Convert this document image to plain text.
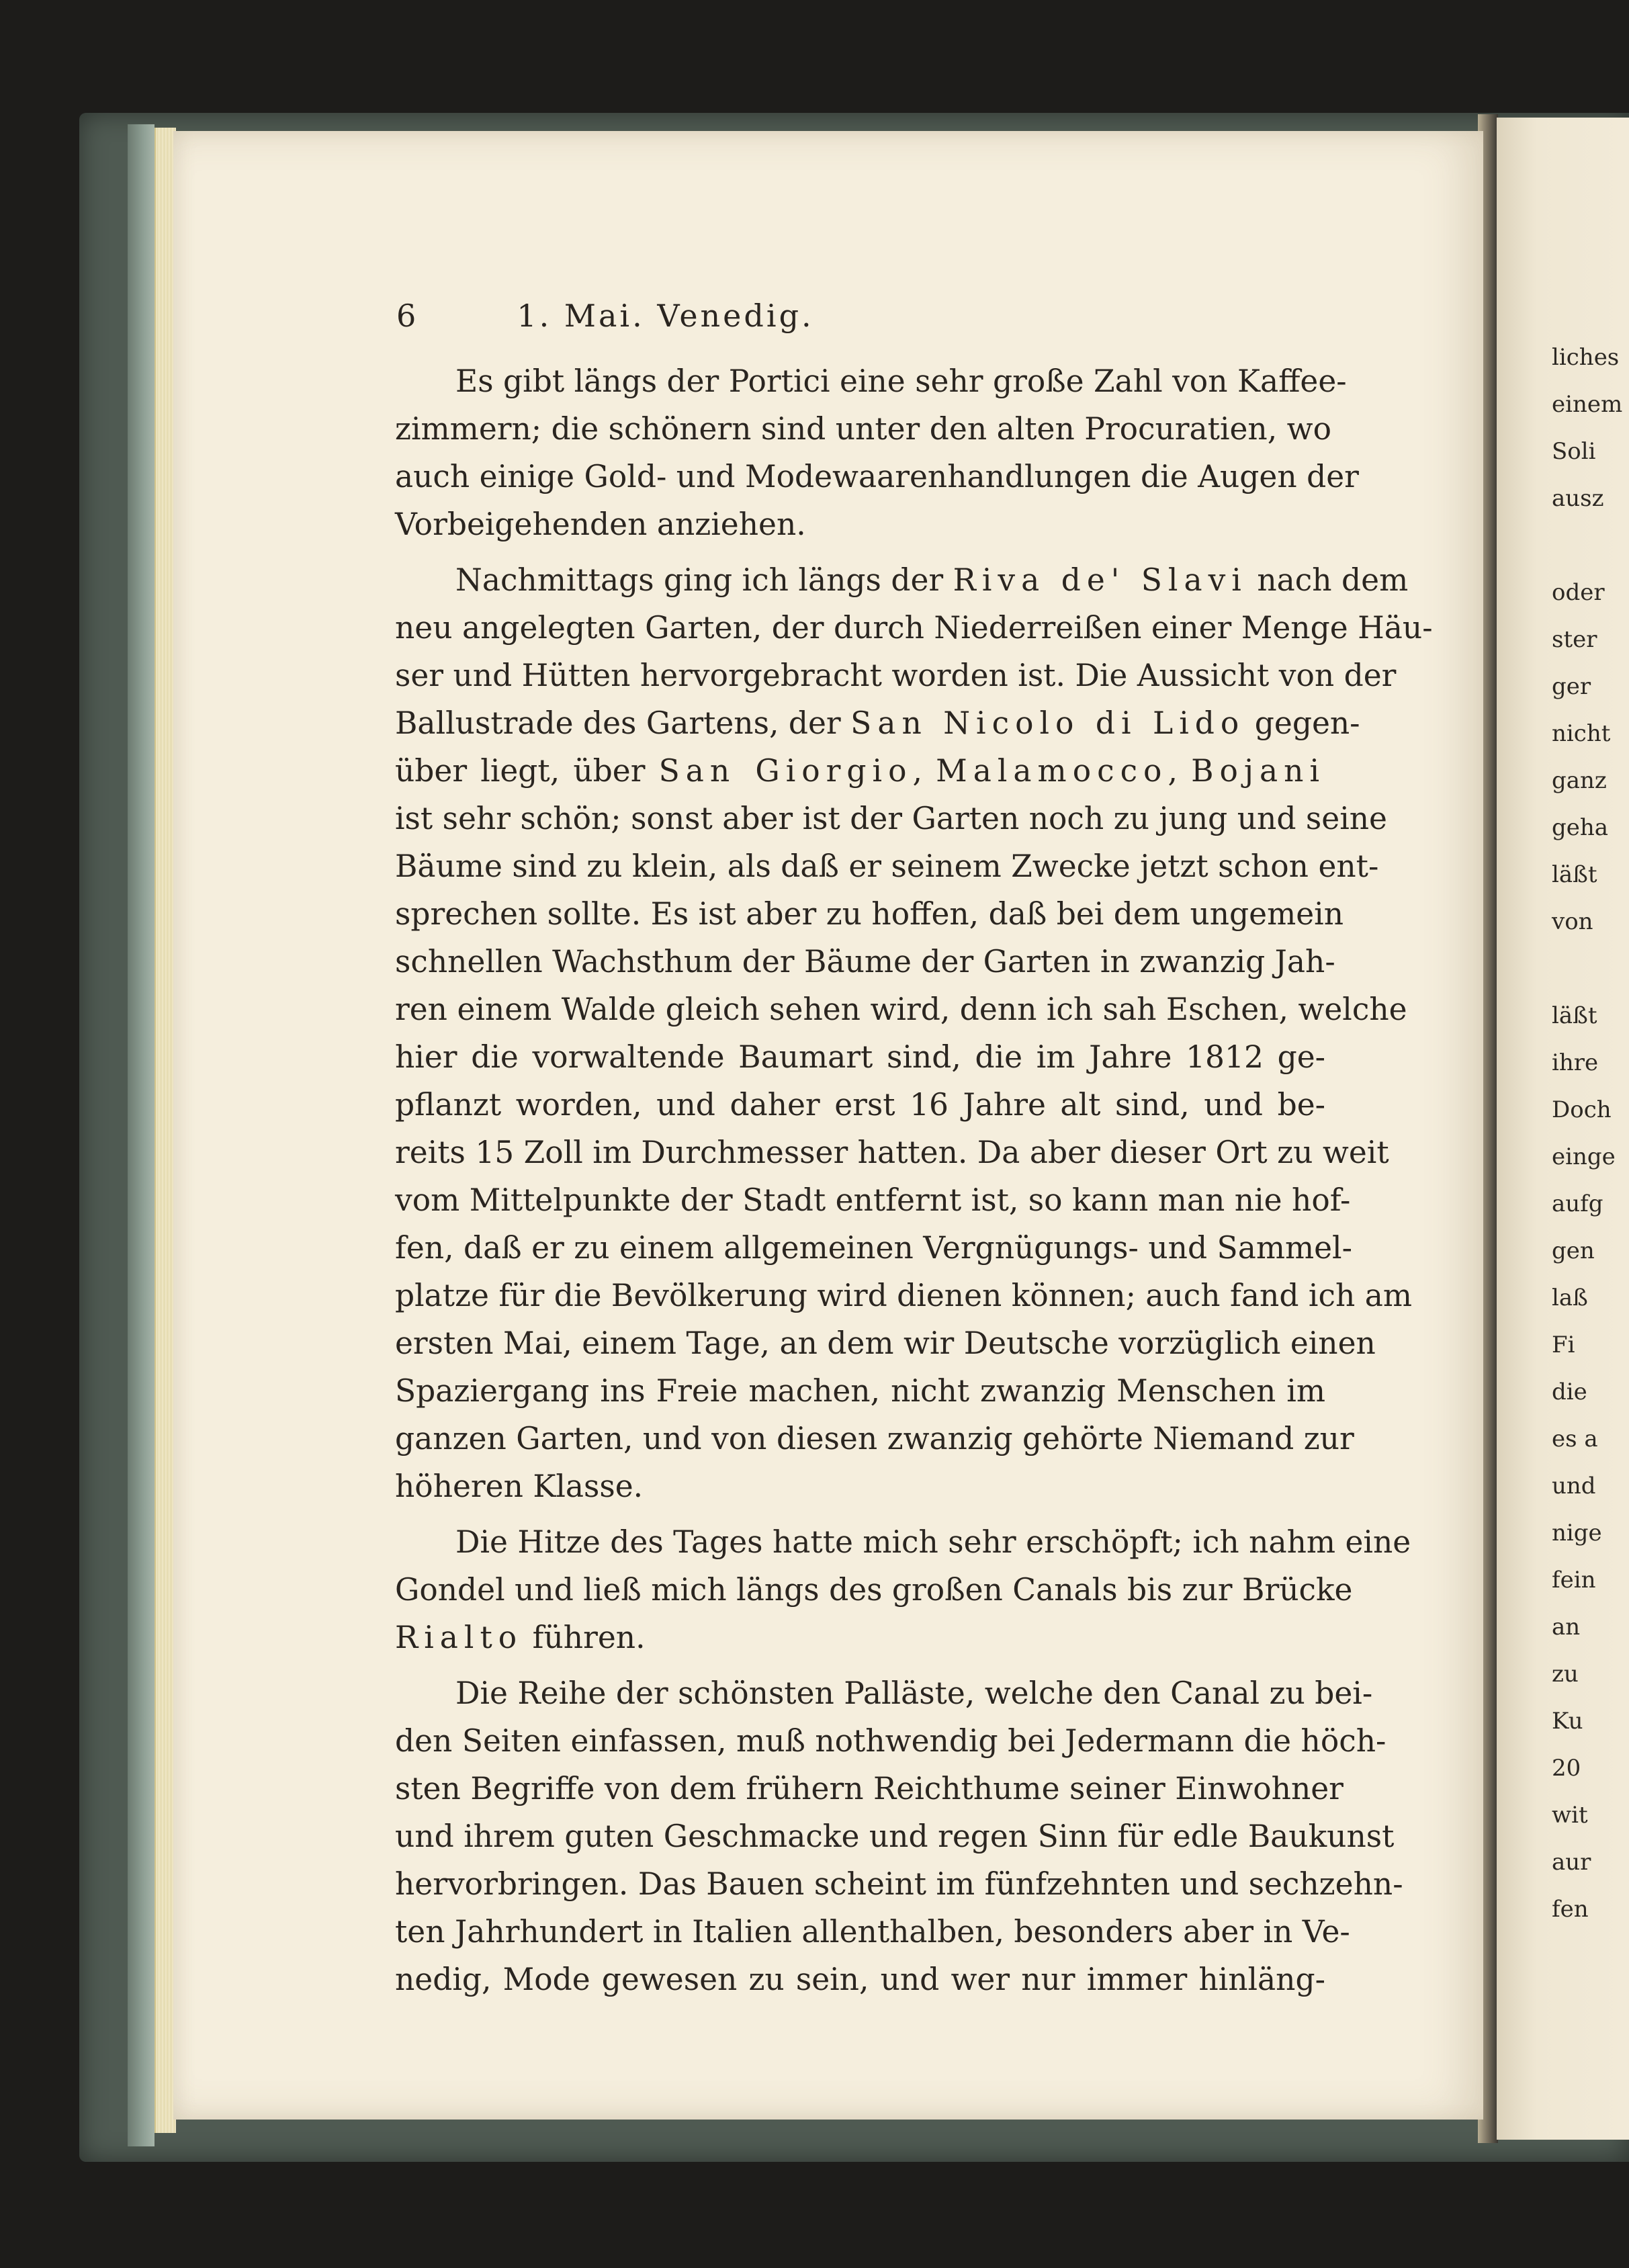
6	1. Mai. Venedig.
Es gibt längs der Portici eine sehr große Zahl von Kaffee-
zimmern; die schönern sind unter den alten Procuratien, wo
auch einige Gold- und Modewaarenhandlungen die Augen der
Vorbeigehenden anziehen.
Nachmittags ging ich längs der Riva de' Slavi nach dem
neu angelegten Garten, der durch Niederreißen einer Menge Häu-
ser und Hütten hervorgebracht worden ist. Die Aussicht von der
Ballustrade des Gartens, der San Nicolo di Lido gegen-
über liegt, über San Giorgio, Malamocco, Bojani
ist sehr schön; sonst aber ist der Garten noch zu jung und seine
Bäume sind zu klein, als daß er seinem Zwecke jetzt schon ent-
sprechen sollte. Es ist aber zu hoffen, daß bei dem ungemein
schnellen Wachsthum der Bäume der Garten in zwanzig Jah-
ren einem Walde gleich sehen wird, denn ich sah Eschen, welche
hier die vorwaltende Baumart sind, die im Jahre 1812 ge-
pflanzt worden, und daher erst 16 Jahre alt sind, und be-
reits 15 Zoll im Durchmesser hatten. Da aber dieser Ort zu weit
vom Mittelpunkte der Stadt entfernt ist, so kann man nie hof-
fen, daß er zu einem allgemeinen Vergnügungs- und Sammel-
platze für die Bevölkerung wird dienen können; auch fand ich am
ersten Mai, einem Tage, an dem wir Deutsche vorzüglich einen
Spaziergang ins Freie machen, nicht zwanzig Menschen im
ganzen Garten, und von diesen zwanzig gehörte Niemand zur
höheren Klasse.
Die Hitze des Tages hatte mich sehr erschöpft; ich nahm eine
Gondel und ließ mich längs des großen Canals bis zur Brücke
Rialto führen.
Die Reihe der schönsten Palläste, welche den Canal zu bei-
den Seiten einfassen, muß nothwendig bei Jedermann die höch-
sten Begriffe von dem frühern Reichthume seiner Einwohner
und ihrem guten Geschmacke und regen Sinn für edle Baukunst
hervorbringen. Das Bauen scheint im fünfzehnten und sechzehn-
ten Jahrhundert in Italien allenthalben, besonders aber in Ve-
nedig, Mode gewesen zu sein, und wer nur immer hinläng-
liches
einem
Soli
ausz
oder
ster
ger
nicht
ganz
geha
läßt
von
läßt
ihre
Doch
einge
aufg
gen
laß
Fi
die
es a
und
nige
fein
an
zu
Ku
20
wit
aur
fen
